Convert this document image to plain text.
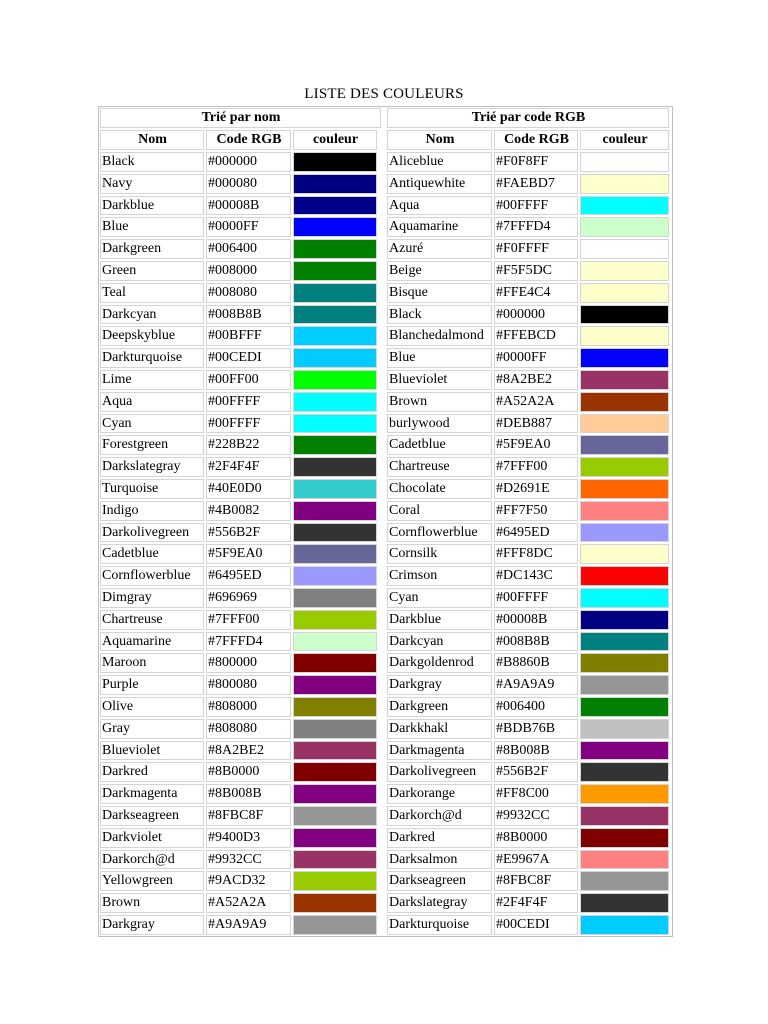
LISTE DES COULEURS
Trié par nom	Trié par code RGB
Nom	Code RGB	couleur	Nom	Code RGB	couleur
Black	#000000	Aliceblue	#F0F8FF
Navy	#000080	Antiquewhite	#FAEBD7
Darkblue	#00008B	Aqua	#00FFFF
Blue	#0000FF	Aquamarine	#7FFFD4
Darkgreen	#006400	Azuré	#F0FFFF
Green	#008000	Beige	#F5F5DC
Teal	#008080	Bisque	#FFE4C4
Darkcyan	#008B8B	Black	#000000
Deepskyblue	#00BFFF	Blanchedalmond #FFEBCD
Darkturquoise	#00CEDI	Blue	#0000FF
Lime	#00FF00	Blueviolet	#8A2BE2
Aqua	#00FFFF	Brown	#A52A2A
Cyan	#00FFFF	burlywood	#DEB887
Forestgreen	#228B22	Cadetblue	#5F9EA0
Darkslategray	#2F4F4F	Chartreuse	#7FFF00
Turquoise	#40E0D0	Chocolate	#D2691E
Indigo	#4B0082	Coral	#FF7F50
Darkolivegreen	#556B2F	Cornflowerblue	#6495ED
Cadetblue	#5F9EA0	Cornsilk	#FFF8DC
Cornflowerblue	#6495ED	Crimson	#DC143C
Dimgray	#696969	Cyan	#00FFFF
Chartreuse	#7FFF00	Darkblue	#00008B
Aquamarine	#7FFFD4	Darkcyan	#008B8B
Maroon	#800000	Darkgoldenrod	#B8860B
Purple	#800080	Darkgray	#A9A9A9
Olive	#808000	Darkgreen	#006400
Gray	#808080	Darkkhakl	#BDB76B
Blueviolet	#8A2BE2	Darkmagenta	#8B008B
Darkred	#8B0000	Darkolivegreen	#556B2F
Darkmagenta	#8B008B	Darkorange	#FF8C00
Darkseagreen	#8FBC8F	Darkorch@d	#9932CC
Darkviolet	#9400D3	Darkred	#8B0000
Darkorch@d	#9932CC	Darksalmon	#E9967A
Yellowgreen	#9ACD32	Darkseagreen	#8FBC8F
Brown	#A52A2A	Darkslategray	#2F4F4F
Darkgray	#A9A9A9	Darkturquoise	#00CEDI
